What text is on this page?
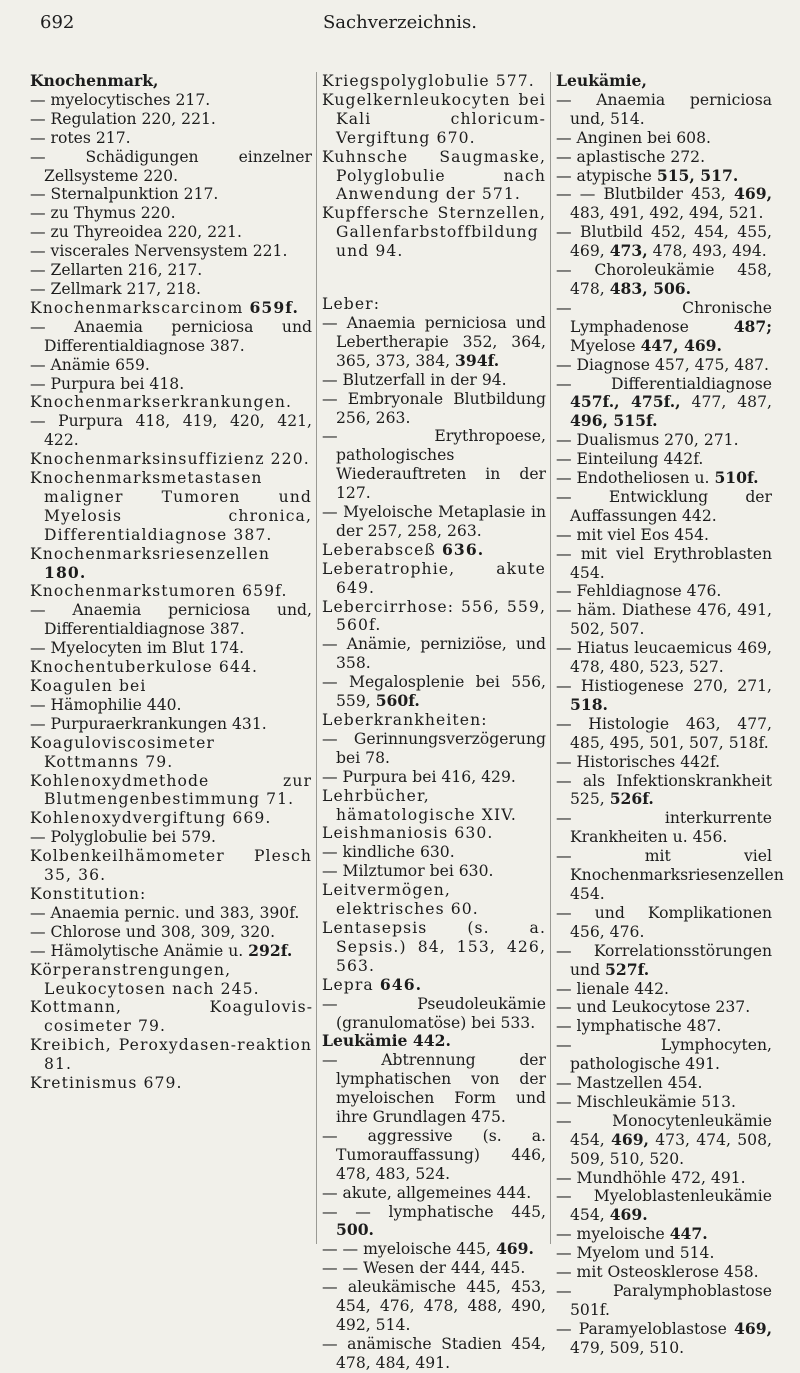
692	Sachverzeichnis.

Knochenmark,

— myelocytisches 217.

— Regulation 220, 221.

— rotes 217.

— Schädigungen einzelner Zellsysteme 220.

— Sternalpunktion 217.

— zu Thymus 220.

— zu Thyreoidea 220, 221.

— viscerales Nervensystem 221.

— Zellarten 216, 217.

— Zellmark 217, 218.

Knochenmarkscarcinom 659f.

— Anaemia perniciosa und Differentialdiagnose 387.

— Anämie 659.

— Purpura bei 418.

Knochenmarkserkrankungen.

— Purpura 418, 419, 420, 421, 422.

Knochenmarksinsuffizienz 220.

Knochenmarksmetastasen maligner Tumoren und Myelosis chronica, Differentialdiagnose 387.

Knochenmarksriesenzellen 180.

Knochenmarkstumoren 659f.

— Anaemia perniciosa und, Differentialdiagnose 387.

— Myelocyten im Blut 174.

Knochentuberkulose 644.

Koagulen bei

— Hämophilie 440.

— Purpuraerkrankungen 431.

Koaguloviscosimeter Kottmanns 79.

Kohlenoxydmethode zur Blutmengenbestimmung 71.

Kohlenoxydvergiftung 669.

— Polyglobulie bei 579.

Kolbenkeilhämometer Plesch 35, 36.

Konstitution:

— Anaemia pernic. und 383, 390f.

— Chlorose und 308, 309, 320.

— Hämolytische Anämie u. 292f.

Körperanstrengungen, Leukocytosen nach 245.

Kottmann, Koaguloviscosimeter 79.

Kreibich, Peroxydasen-reaktion 81.

Kretinismus 679.

Kriegspolyglobulie 577.

Kugelkernleukocyten bei Kali chloricum-Vergiftung 670.

Kuhnsche Saugmaske, Polyglobulie nach Anwendung der 571.

Kupffersche Sternzellen, Gallenfarbstoffbildung und 94.

Leber:

— Anaemia perniciosa und Lebertherapie 352, 364, 365, 373, 384, 394f.

— Blutzerfall in der 94.

— Embryonale Blutbildung 256, 263.

— Erythropoese, pathologisches Wiederauftreten in der 127.

— Myeloische Metaplasie in der 257, 258, 263.

Leberabsceß 636.

Leberatrophie, akute 649.

Lebercirrhose: 556, 559, 560f.

— Anämie, perniziöse, und 358.

— Megalosplenie bei 556, 559, 560f.

Leberkrankheiten:

— Gerinnungsverzögerung bei 78.

— Purpura bei 416, 429.

Lehrbücher, hämatologische XIV.

Leishmaniosis 630.

— kindliche 630.

— Milztumor bei 630.

Leitvermögen, elektrisches 60.

Lentasepsis (s. a. Sepsis.) 84, 153, 426, 563.

Lepra 646.

— Pseudoleukämie (granulomatöse) bei 533.

Leukämie 442.

— Abtrennung der lymphatischen von der myeloischen Form und ihre Grundlagen 475.

— aggressive (s. a. Tumorauffassung) 446, 478, 483, 524.

— akute, allgemeines 444.

— — lymphatische 445, 500.

— — myeloische 445, 469.

— — Wesen der 444, 445.

— aleukämische 445, 453, 454, 476, 478, 488, 490, 492, 514.

— anämische Stadien 454, 478, 484, 491.

Leukämie,

— Anaemia perniciosa und, 514.

— Anginen bei 608.

— aplastische 272.

— atypische 515, 517.

— — Blutbilder 453, 469, 483, 491, 492, 494, 521.

— Blutbild 452, 454, 455, 469, 473, 478, 493, 494.

— Choroleukämie 458, 478, 483, 506.

— Chronische Lymphadenose 487; Myelose 447, 469.

— Diagnose 457, 475, 487.

— Differentialdiagnose 457f., 475f., 477, 487, 496, 515f.

— Dualismus 270, 271.

— Einteilung 442f.

— Endotheliosen u. 510f.

— Entwicklung der Auffassungen 442.

— mit viel Eos 454.

— mit viel Erythroblasten 454.

— Fehldiagnose 476.

— häm. Diathese 476, 491, 502, 507.

— Hiatus leucaemicus 469, 478, 480, 523, 527.

— Histiogenese 270, 271, 518.

— Histologie 463, 477, 485, 495, 501, 507, 518f.

— Historisches 442f.

— als Infektionskrankheit 525, 526f.

— interkurrente Krankheiten u. 456.

— mit viel Knochenmarksriesenzellen 454.

— und Komplikationen 456, 476.

— Korrelationsstörungen und 527f.

— lienale 442.

— und Leukocytose 237.

— lymphatische 487.

— Lymphocyten, pathologische 491.

— Mastzellen 454.

— Mischleukämie 513.

— Monocytenleukämie 454, 469, 473, 474, 508, 509, 510, 520.

— Mundhöhle 472, 491.

— Myeloblastenleukämie 454, 469.

— myeloische 447.

— Myelom und 514.

— mit Osteosklerose 458.

— Paralymphoblastose 501f.

— Paramyeloblastose 469, 479, 509, 510.
